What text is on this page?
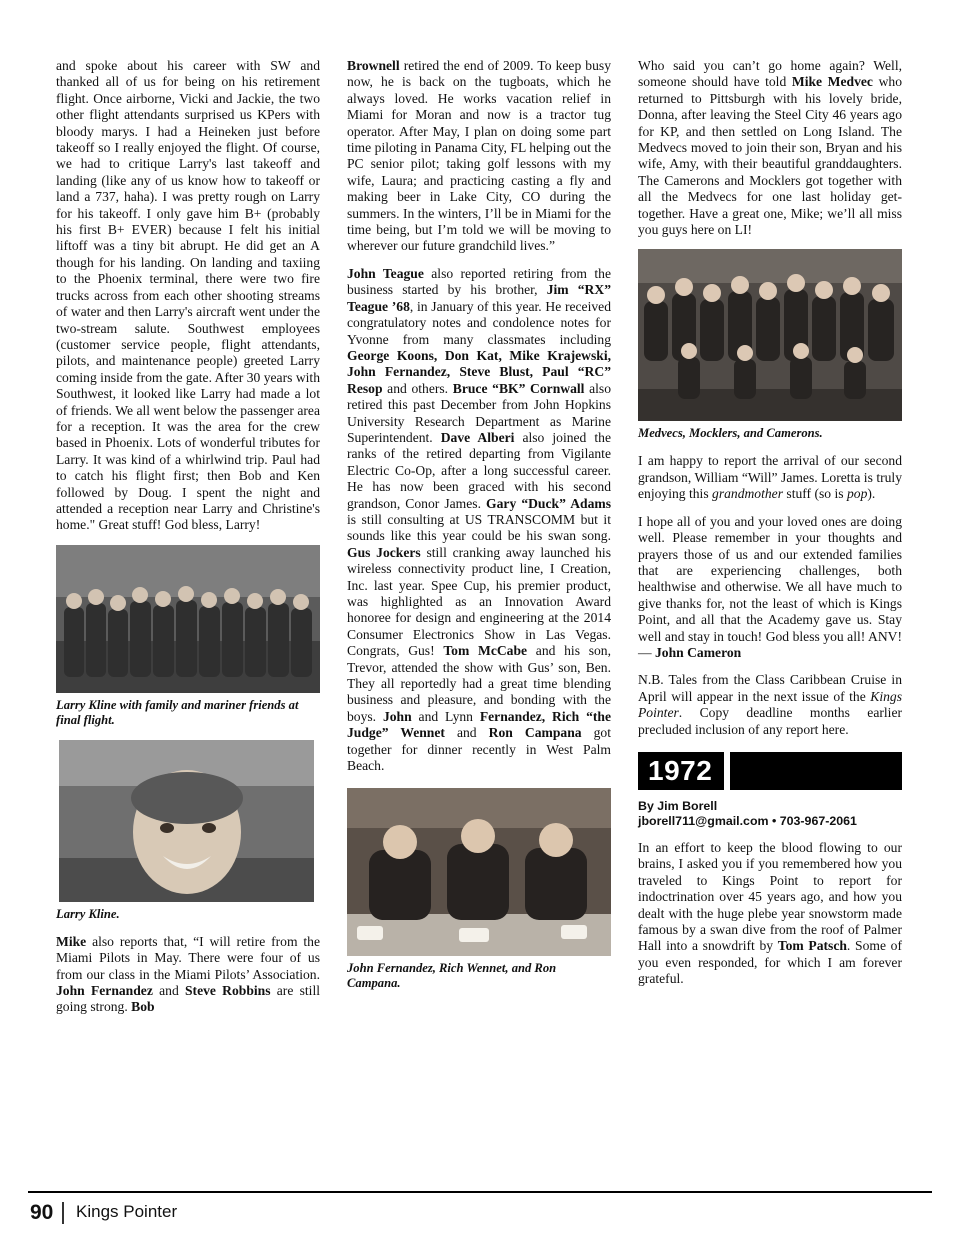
and spoke about his career with SW and thanked all of us for being on his retirement flight. Once airborne, Vicki and Jackie, the two other flight attendants surprised us KPers with bloody marys. I had a Heineken just before takeoff so I really enjoyed the flight. Of course, we had to critique Larry's last takeoff and landing (like any of us know how to takeoff or land a 737, haha). I was pretty rough on Larry for his takeoff. I only gave him B+ (probably his first B+ EVER) because I felt his initial liftoff was a tiny bit abrupt. He did get an A though for his landing. On landing and taxiing to the Phoenix terminal, there were two fire trucks across from each other shooting streams of water and then Larry's aircraft went under the two-stream salute. Southwest employees (customer service people, flight attendants, pilots, and maintenance people) greeted Larry coming inside from the gate. After 30 years with Southwest, it looked like Larry had made a lot of friends. We all went below the passenger area for a reception. It was the area for the crew based in Phoenix. Lots of wonderful tributes for Larry. It was kind of a whirlwind trip. Paul had to catch his flight first; then Bob and Ken followed by Doug. I spent the night and attended a reception near Larry and Christine's home." Great stuff! God bless, Larry!

Larry Kline with family and mariner friends at final flight.
Larry Kline.

Mike also reports that, “I will retire from the Miami Pilots in May. There were four of us from our class in the Miami Pilots’ Association. John Fernandez and Steve Robbins are still going strong. Bob

Brownell retired the end of 2009. To keep busy now, he is back on the tugboats, which he always loved. He works vacation relief in Miami for Moran and now is a tractor tug operator. After May, I plan on doing some part time piloting in Panama City, FL helping out the PC senior pilot; taking golf lessons with my wife, Laura; and practicing casting a fly and making beer in Lake City, CO during the summers. In the winters, I’ll be in Miami for the time being, but I’m told we will be moving to wherever our future grandchild lives.”

John Teague also reported retiring from the business started by his brother, Jim “RX” Teague ’68, in January of this year. He received congratulatory notes and condolence notes for Yvonne from many classmates including George Koons, Don Kat, Mike Krajewski, John Fernandez, Steve Blust, Paul “RC” Resop and others. Bruce “BK” Cornwall also retired this past December from John Hopkins University Research Department as Marine Superintendent. Dave Alberi also joined the ranks of the retired departing from Vigilante Electric Co-Op, after a long successful career. He has now been graced with his second grandson, Conor James. Gary “Duck” Adams is still consulting at US TRANSCOMM but it sounds like this year could be his swan song. Gus Jockers still cranking away launched his wireless connectivity product line, I Creation, Inc. last year. Spee Cup, his premier product, was highlighted as an Innovation Award honoree for design and engineering at the 2014 Consumer Electronics Show in Las Vegas. Congrats, Gus! Tom McCabe and his son, Trevor, attended the show with Gus’ son, Ben. They all reportedly had a great time blending business and pleasure, and bonding with the boys. John and Lynn Fernandez, Rich “the Judge” Wennet and Ron Campana got together for dinner recently in West Palm Beach.

John Fernandez, Rich Wennet, and Ron Campana.

Who said you can’t go home again? Well, someone should have told Mike Medvec who returned to Pittsburgh with his lovely bride, Donna, after leaving the Steel City 46 years ago for KP, and then settled on Long Island. The Medvecs moved to join their son, Bryan and his wife, Amy, with their beautiful granddaughters. The Camerons and Mocklers got together with all the Medvecs for one last holiday get-together. Have a great one, Mike; we’ll all miss you guys here on LI!

Medvecs, Mocklers, and Camerons.

I am happy to report the arrival of our second grandson, William “Will” James. Loretta is truly enjoying this grandmother stuff (so is pop).

I hope all of you and your loved ones are doing well. Please remember in your thoughts and prayers those of us and our extended families that are experiencing challenges, both healthwise and otherwise. We all have much to give thanks for, not the least of which is Kings Point, and all that the Academy gave us. Stay well and stay in touch! God bless you all! ANV! — John Cameron

N.B. Tales from the Class Caribbean Cruise in April will appear in the next issue of the Kings Pointer. Copy deadline months earlier precluded inclusion of any report here.

1972
By Jim Borell
jborell711@gmail.com • 703-967-2061

In an effort to keep the blood flowing to our brains, I asked you if you remembered how you traveled to Kings Point to report for indoctrination over 45 years ago, and how you dealt with the huge plebe year snowstorm made famous by a swan dive from the roof of Palmer Hall into a snowdrift by Tom Patsch. Some of you even responded, for which I am forever grateful.

90 Kings Pointer
